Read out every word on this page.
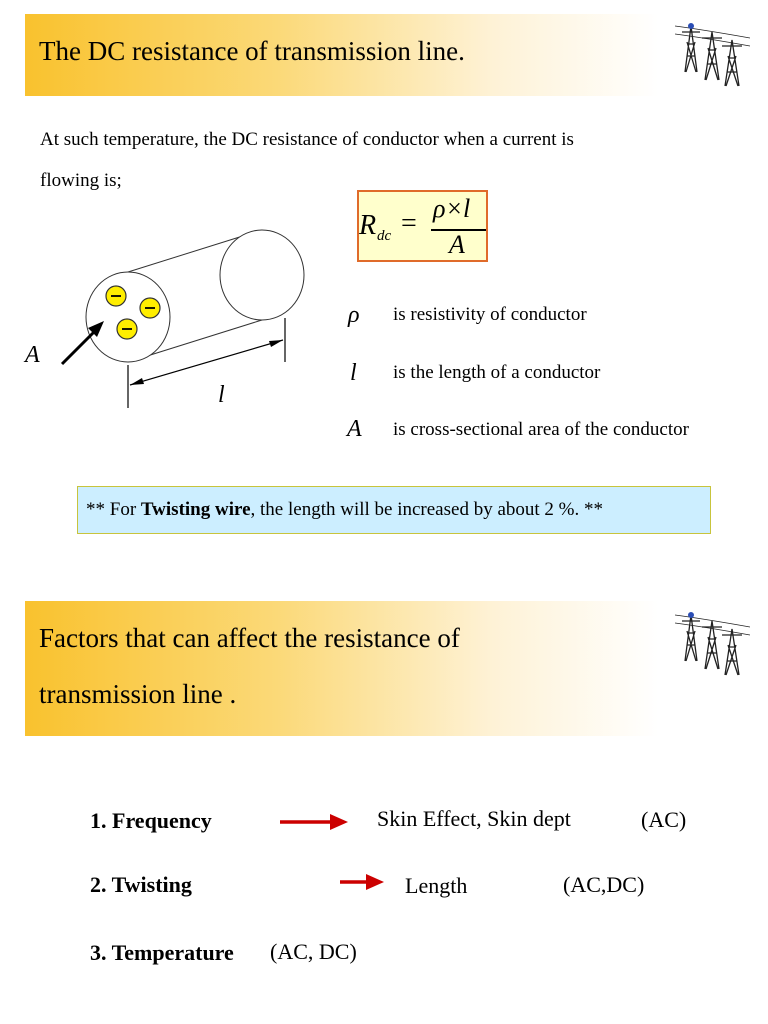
The DC resistance of transmission line.
At such temperature, the DC resistance of conductor when a current is
flowing is;
R dc = ρ×l
A
A
l
ρ is resistivity of conductor
l is the length of a conductor
A is cross-sectional area of the conductor
** For Twisting wire, the length will be increased by about 2 %. **
Factors that can affect the resistance of
transmission line .
1. Frequency	Skin Effect, Skin dept	(AC)
2. Twisting	Length	(AC,DC)
3. Temperature (AC, DC)
